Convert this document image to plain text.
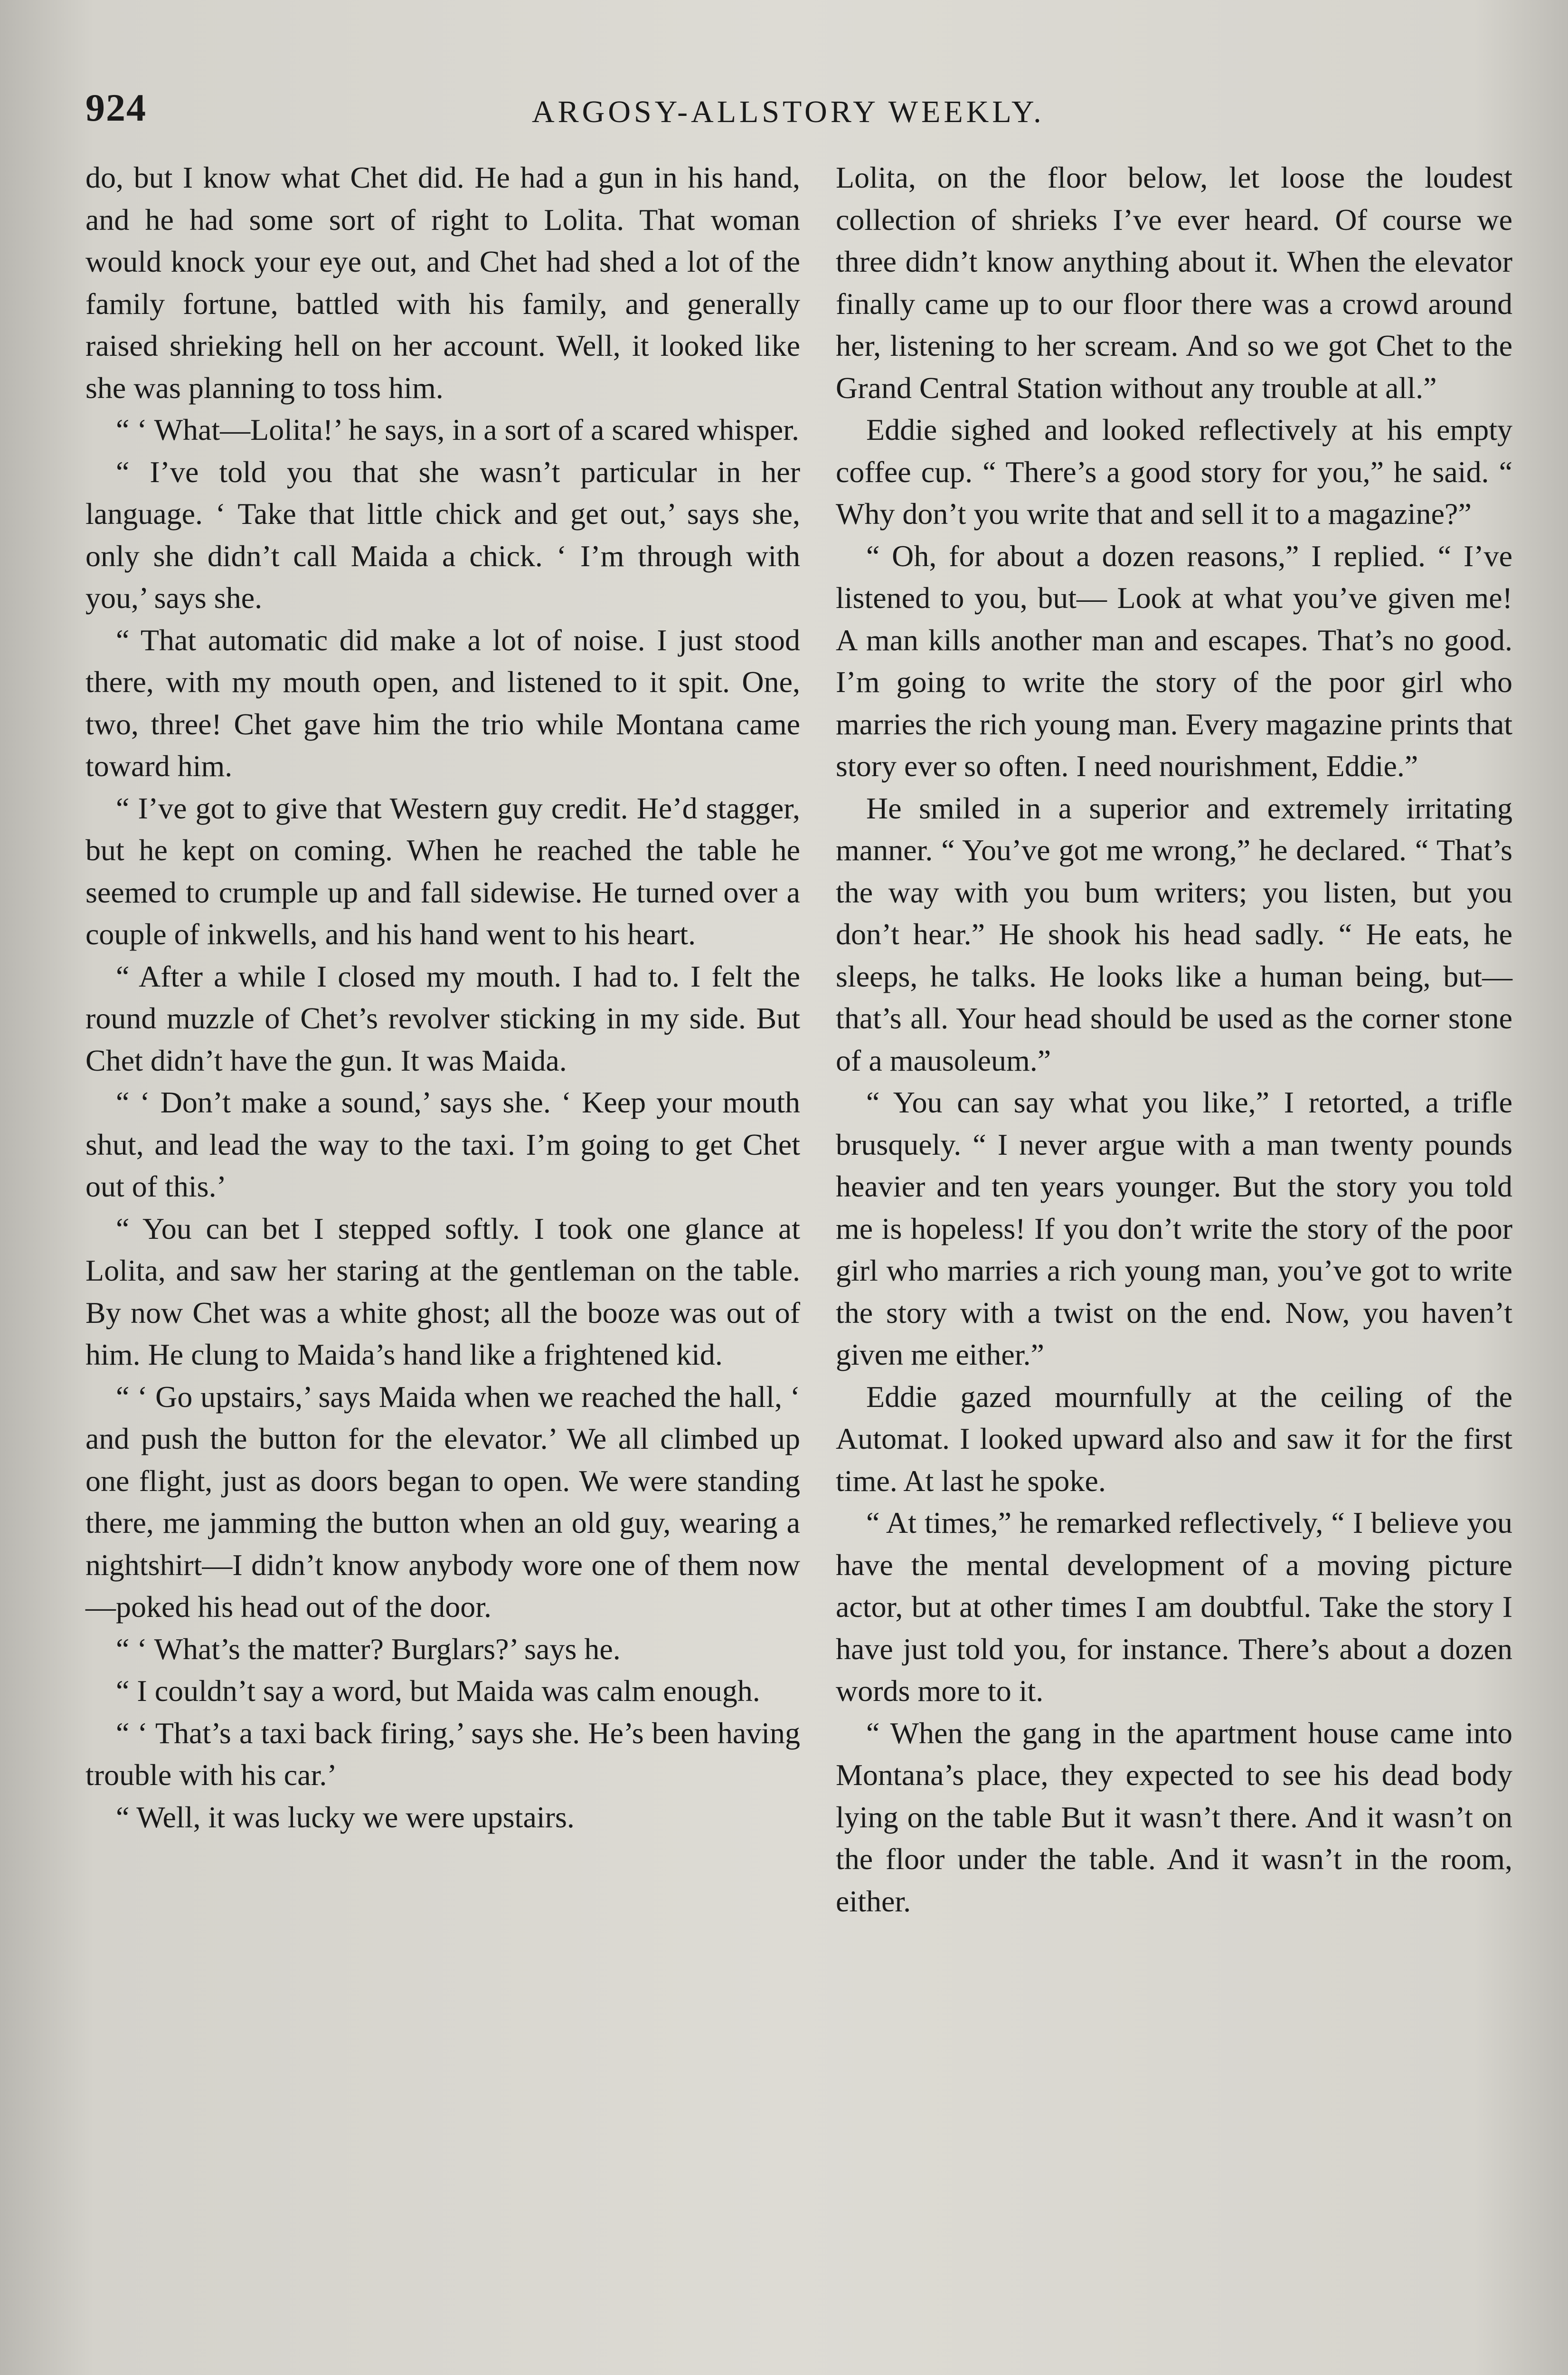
924	ARGOSY-ALLSTORY WEEKLY.

do, but I know what Chet did. He had a gun in his hand, and he had some sort of right to Lolita. That woman would knock your eye out, and Chet had shed a lot of the family fortune, battled with his family, and generally raised shrieking hell on her account. Well, it looked like she was planning to toss him.

“ ‘ What—Lolita!’ he says, in a sort of a scared whisper.

“ I’ve told you that she wasn’t particular in her language. ‘ Take that little chick and get out,’ says she, only she didn’t call Maida a chick. ‘ I’m through with you,’ says she.

“ That automatic did make a lot of noise. I just stood there, with my mouth open, and listened to it spit. One, two, three! Chet gave him the trio while Montana came toward him.

“ I’ve got to give that Western guy credit. He’d stagger, but he kept on coming. When he reached the table he seemed to crumple up and fall sidewise. He turned over a couple of inkwells, and his hand went to his heart.

“ After a while I closed my mouth. I had to. I felt the round muzzle of Chet’s revolver sticking in my side. But Chet didn’t have the gun. It was Maida.

“ ‘ Don’t make a sound,’ says she. ‘ Keep your mouth shut, and lead the way to the taxi. I’m going to get Chet out of this.’

“ You can bet I stepped softly. I took one glance at Lolita, and saw her staring at the gentleman on the table. By now Chet was a white ghost; all the booze was out of him. He clung to Maida’s hand like a frightened kid.

“ ‘ Go upstairs,’ says Maida when we reached the hall, ‘ and push the button for the elevator.’ We all climbed up one flight, just as doors began to open. We were standing there, me jamming the button when an old guy, wearing a nightshirt—I didn’t know anybody wore one of them now —poked his head out of the door.

“ ‘ What’s the matter? Burglars?’ says he.

“ I couldn’t say a word, but Maida was calm enough.

“ ‘ That’s a taxi back firing,’ says she. He’s been having trouble with his car.’

“ Well, it was lucky we were upstairs.

Lolita, on the floor below, let loose the loudest collection of shrieks I’ve ever heard. Of course we three didn’t know anything about it. When the elevator finally came up to our floor there was a crowd around her, listening to her scream. And so we got Chet to the Grand Central Station without any trouble at all.”

Eddie sighed and looked reflectively at his empty coffee cup. “ There’s a good story for you,” he said. “ Why don’t you write that and sell it to a magazine?”

“ Oh, for about a dozen reasons,” I replied. “ I’ve listened to you, but— Look at what you’ve given me! A man kills another man and escapes. That’s no good. I’m going to write the story of the poor girl who marries the rich young man. Every magazine prints that story ever so often. I need nourishment, Eddie.”

He smiled in a superior and extremely irritating manner. “ You’ve got me wrong,” he declared. “ That’s the way with you bum writers; you listen, but you don’t hear.” He shook his head sadly. “ He eats, he sleeps, he talks. He looks like a human being, but—that’s all. Your head should be used as the corner stone of a mausoleum.”

“ You can say what you like,” I retorted, a trifle brusquely. “ I never argue with a man twenty pounds heavier and ten years younger. But the story you told me is hopeless! If you don’t write the story of the poor girl who marries a rich young man, you’ve got to write the story with a twist on the end. Now, you haven’t given me either.”

Eddie gazed mournfully at the ceiling of the Automat. I looked upward also and saw it for the first time. At last he spoke.

“ At times,” he remarked reflectively, “ I believe you have the mental development of a moving picture actor, but at other times I am doubtful. Take the story I have just told you, for instance. There’s about a dozen words more to it.

“ When the gang in the apartment house came into Montana’s place, they expected to see his dead body lying on the table But it wasn’t there. And it wasn’t on the floor under the table. And it wasn’t in the room, either.
